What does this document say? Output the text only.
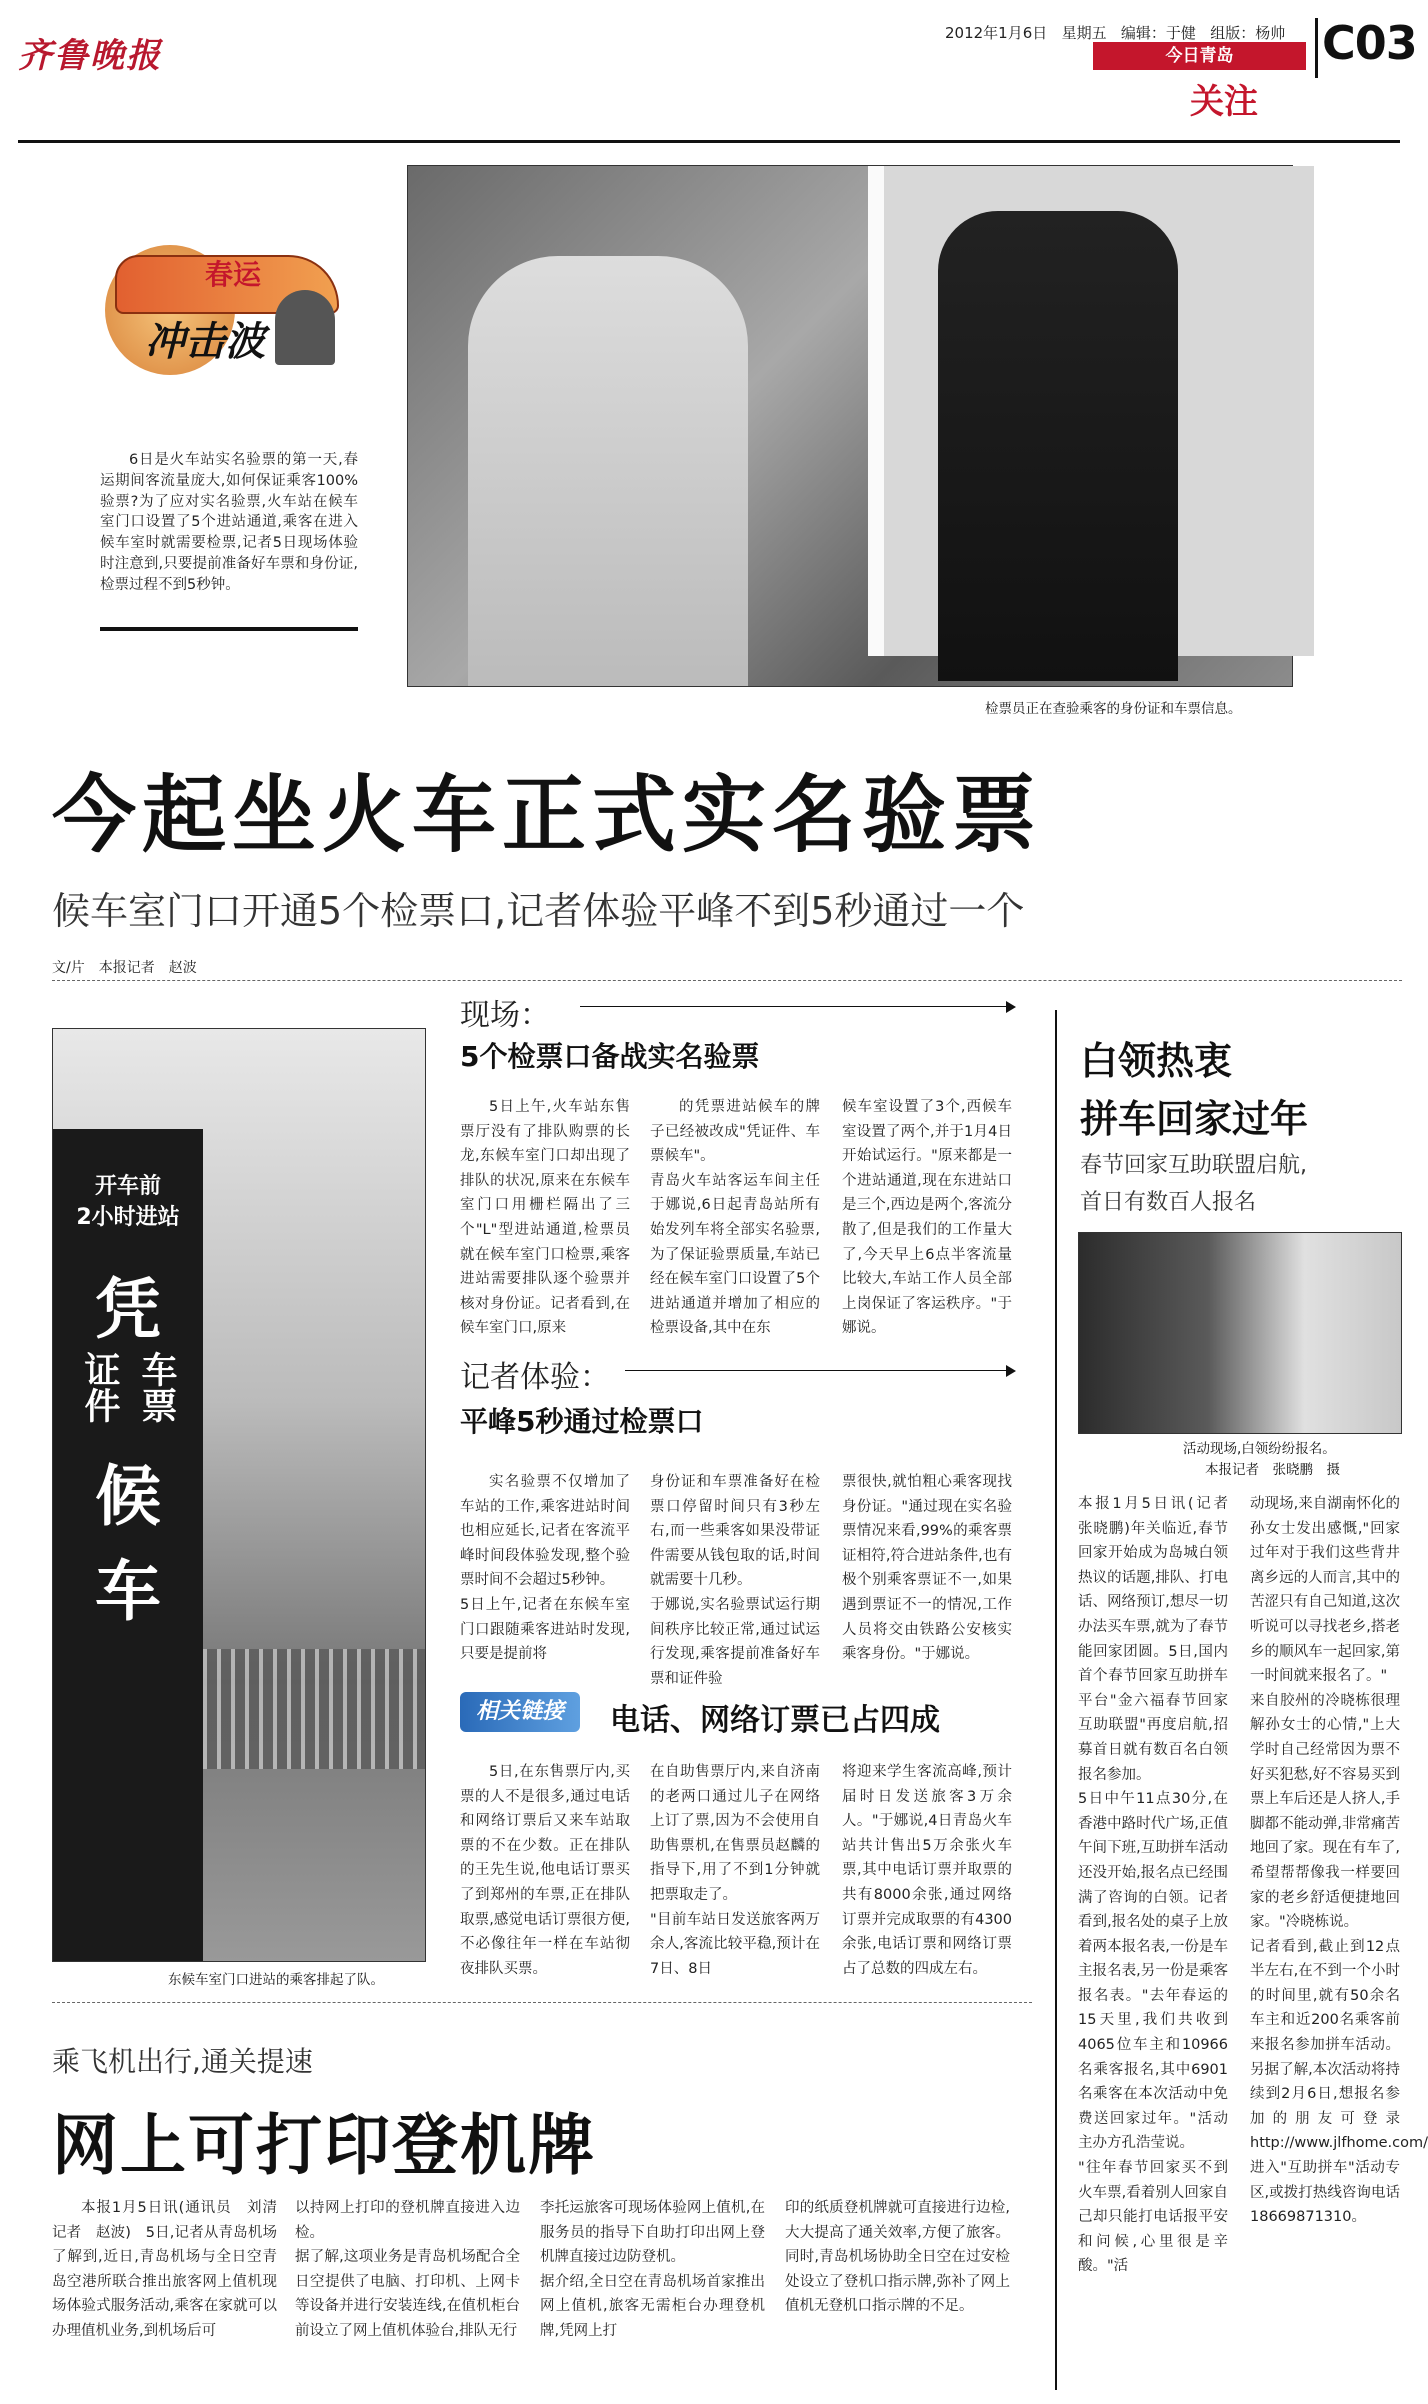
齐鲁晚报
2012年1月6日 星期五 编辑：于健 组版：杨帅
今日青岛
关注
C03
春运
冲击波

6日是火车站实名验票的第一天,春运期间客流量庞大,如何保证乘客100%验票?为了应对实名验票,火车站在候车室门口设置了5个进站通道,乘客在进入候车室时就需要检票,记者5日现场体验时注意到,只要提前准备好车票和身份证,检票过程不到5秒钟。

检票员正在查验乘客的身份证和车票信息。
今起坐火车正式实名验票
候车室门口开通5个检票口,记者体验平峰不到5秒通过一个
文/片　本报记者　赵波
开车前
2小时进站
凭
证件 车票
候
车
东候车室门口进站的乘客排起了队。
现场：
5个检票口备战实名验票

5日上午,火车站东售票厅没有了排队购票的长龙,东候车室门口却出现了排队的状况,原来在东候车室门口用栅栏隔出了三个"L"型进站通道,检票员就在候车室门口检票,乘客进站需要排队逐个验票并核对身份证。记者看到,在候车室门口,原来

的凭票进站候车的牌子已经被改成"凭证件、车票候车"。
青岛火车站客运车间主任于娜说,6日起青岛站所有始发列车将全部实名验票,为了保证验票质量,车站已经在候车室门口设置了5个进站通道并增加了相应的检票设备,其中在东

候车室设置了3个,西候车室设置了两个,并于1月4日开始试运行。"原来都是一个进站通道,现在东进站口是三个,西边是两个,客流分散了,但是我们的工作量大了,今天早上6点半客流量比较大,车站工作人员全部上岗保证了客运秩序。"于娜说。

记者体验：
平峰5秒通过检票口
实名验票不仅增加了车站的工作,乘客进站时间也相应延长,记者在客流平峰时间段体验发现,整个验票时间不会超过5秒钟。
5日上午,记者在东候车室门口跟随乘客进站时发现,只要是提前将
身份证和车票准备好在检票口停留时间只有3秒左右,而一些乘客如果没带证件需要从钱包取的话,时间就需要十几秒。
于娜说,实名验票试运行期间秩序比较正常,通过试运行发现,乘客提前准备好车票和证件验

票很快,就怕粗心乘客现找身份证。"通过现在实名验票情况来看,99%的乘客票证相符,符合进站条件,也有极个别乘客票证不一,如果遇到票证不一的情况,工作人员将交由铁路公安核实乘客身份。"于娜说。

相关链接	电话、网络订票已占四成

5日,在东售票厅内,买票的人不是很多,通过电话和网络订票后又来车站取票的不在少数。正在排队的王先生说,他电话订票买了到郑州的车票,正在排队取票,感觉电话订票很方便,不必像往年一样在车站彻夜排队买票。

在自助售票厅内,来自济南的老两口通过儿子在网络上订了票,因为不会使用自助售票机,在售票员赵麟的指导下,用了不到1分钟就把票取走了。
"目前车站日发送旅客两万余人,客流比较平稳,预计在7日、8日

将迎来学生客流高峰,预计届时日发送旅客3万余人。"于娜说,4日青岛火车站共计售出5万余张火车票,其中电话订票并取票的共有8000余张,通过网络订票并完成取票的有4300余张,电话订票和网络订票占了总数的四成左右。

白领热衷
拼车回家过年
春节回家互助联盟启航,
首日有数百人报名
活动现场,白领纷纷报名。
本报记者　张晓鹏　摄
本报1月5日讯(记者　张晓鹏)年关临近,春节回家开始成为岛城白领热议的话题,排队、打电话、网络预订,想尽一切办法买车票,就为了春节能回家团圆。5日,国内首个春节回家互助拼车平台"金六福春节回家互助联盟"再度启航,招募首日就有数百名白领报名参加。
5日中午11点30分,在香港中路时代广场,正值午间下班,互助拼车活动还没开始,报名点已经围满了咨询的白领。记者看到,报名处的桌子上放着两本报名表,一份是车主报名表,另一份是乘客报名表。"去年春运的15天里,我们共收到4065位车主和10966名乘客报名,其中6901名乘客在本次活动中免费送回家过年。"活动主办方孔浩莹说。
"往年春节回家买不到火车票,看着别人回家自己却只能打电话报平安和问候,心里很是辛酸。"活
动现场,来自湖南怀化的孙女士发出感慨,"回家过年对于我们这些背井离乡远的人而言,其中的苦涩只有自己知道,这次听说可以寻找老乡,搭老乡的顺风车一起回家,第一时间就来报名了。"
来自胶州的冷晓栋很理解孙女士的心情,"上大学时自己经常因为票不好买犯愁,好不容易买到票上车后还是人挤人,手脚都不能动弹,非常痛苦地回了家。现在有车了,希望帮帮像我一样要回家的老乡舒适便捷地回家。"冷晓栋说。
记者看到,截止到12点半左右,在不到一个小时的时间里,就有50余名车主和近200名乘客前来报名参加拼车活动。另据了解,本次活动将持续到2月6日,想报名参加的朋友可登录http://www.jlfhome.com/进入"互助拼车"活动专区,或拨打热线咨询电话18669871310。
乘飞机出行,通关提速
网上可打印登机牌

本报1月5日讯(通讯员　刘清　记者　赵波)　5日,记者从青岛机场了解到,近日,青岛机场与全日空青岛空港所联合推出旅客网上值机现场体验式服务活动,乘客在家就可以办理值机业务,到机场后可

以持网上打印的登机牌直接进入边检。
据了解,这项业务是青岛机场配合全日空提供了电脑、打印机、上网卡等设备并进行安装连线,在值机柜台前设立了网上值机体验台,排队无行
李托运旅客可现场体验网上值机,在服务员的指导下自助打印出网上登机牌直接过边防登机。
据介绍,全日空在青岛机场首家推出网上值机,旅客无需柜台办理登机牌,凭网上打

印的纸质登机牌就可直接进行边检,大大提高了通关效率,方便了旅客。同时,青岛机场协助全日空在过安检处设立了登机口指示牌,弥补了网上值机无登机口指示牌的不足。
